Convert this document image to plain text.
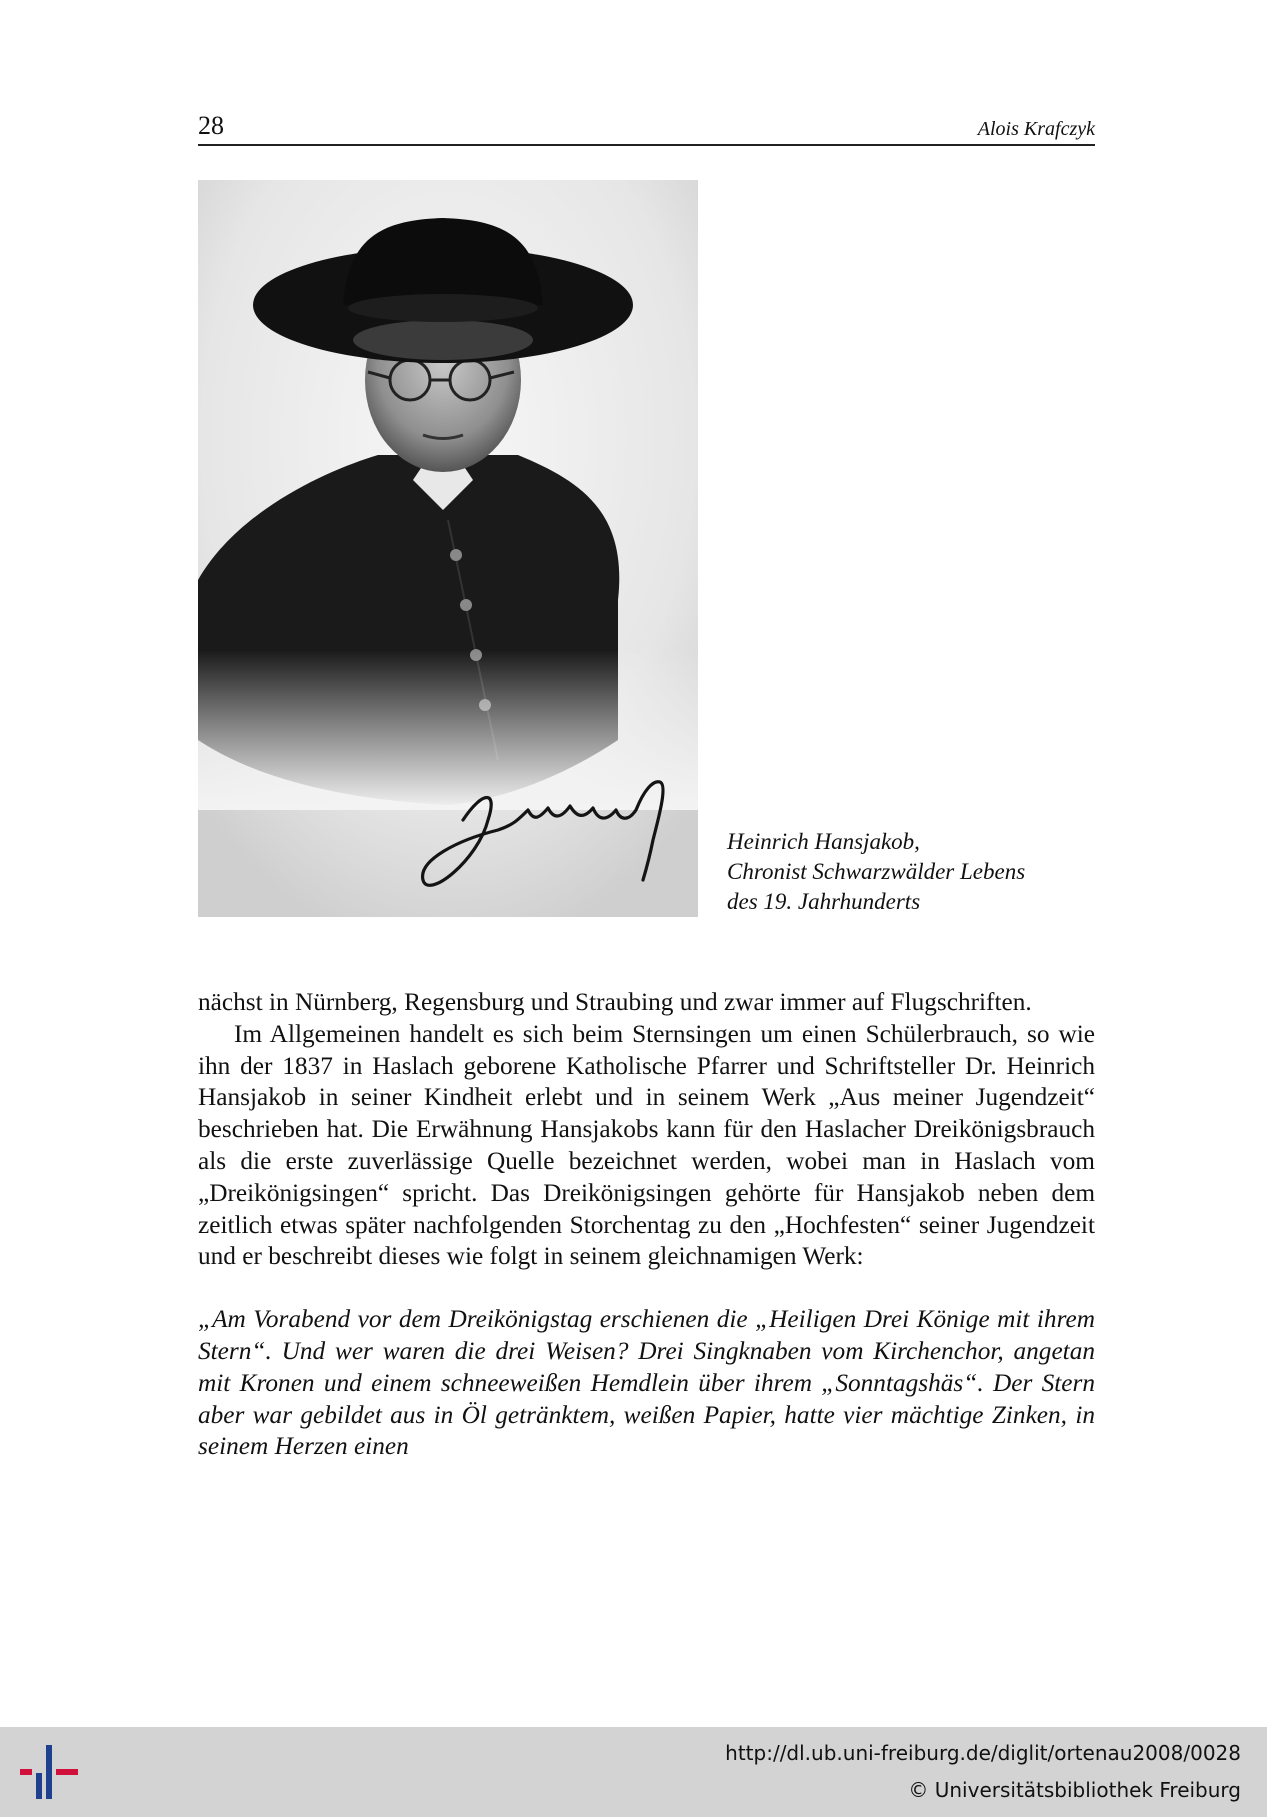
28	Alois Krafczyk
Heinrich Hansjakob,
Chronist Schwarzwälder Lebens
des 19. Jahrhunderts

nächst in Nürnberg, Regensburg und Straubing und zwar immer auf Flugschriften.

Im Allgemeinen handelt es sich beim Sternsingen um einen Schülerbrauch, so wie ihn der 1837 in Haslach geborene Katholische Pfarrer und Schriftsteller Dr. Heinrich Hansjakob in seiner Kindheit erlebt und in seinem Werk „Aus meiner Jugendzeit“ beschrieben hat. Die Erwähnung Hansjakobs kann für den Haslacher Dreikönigsbrauch als die erste zuverlässige Quelle bezeichnet werden, wobei man in Haslach vom „Dreikönigsingen“ spricht. Das Dreikönigsingen gehörte für Hansjakob neben dem zeitlich etwas später nachfolgenden Storchentag zu den „Hochfesten“ seiner Jugendzeit und er beschreibt dieses wie folgt in seinem gleichnamigen Werk:

„Am Vorabend vor dem Dreikönigstag erschienen die „Heiligen Drei Könige mit ihrem Stern“. Und wer waren die drei Weisen? Drei Singknaben vom Kirchenchor, angetan mit Kronen und einem schneeweißen Hemdlein über ihrem „Sonntagshäs“. Der Stern aber war gebildet aus in Öl getränktem, weißen Papier, hatte vier mächtige Zinken, in seinem Herzen einen

http://dl.ub.uni-freiburg.de/diglit/ortenau2008/0028
© Universitätsbibliothek Freiburg
